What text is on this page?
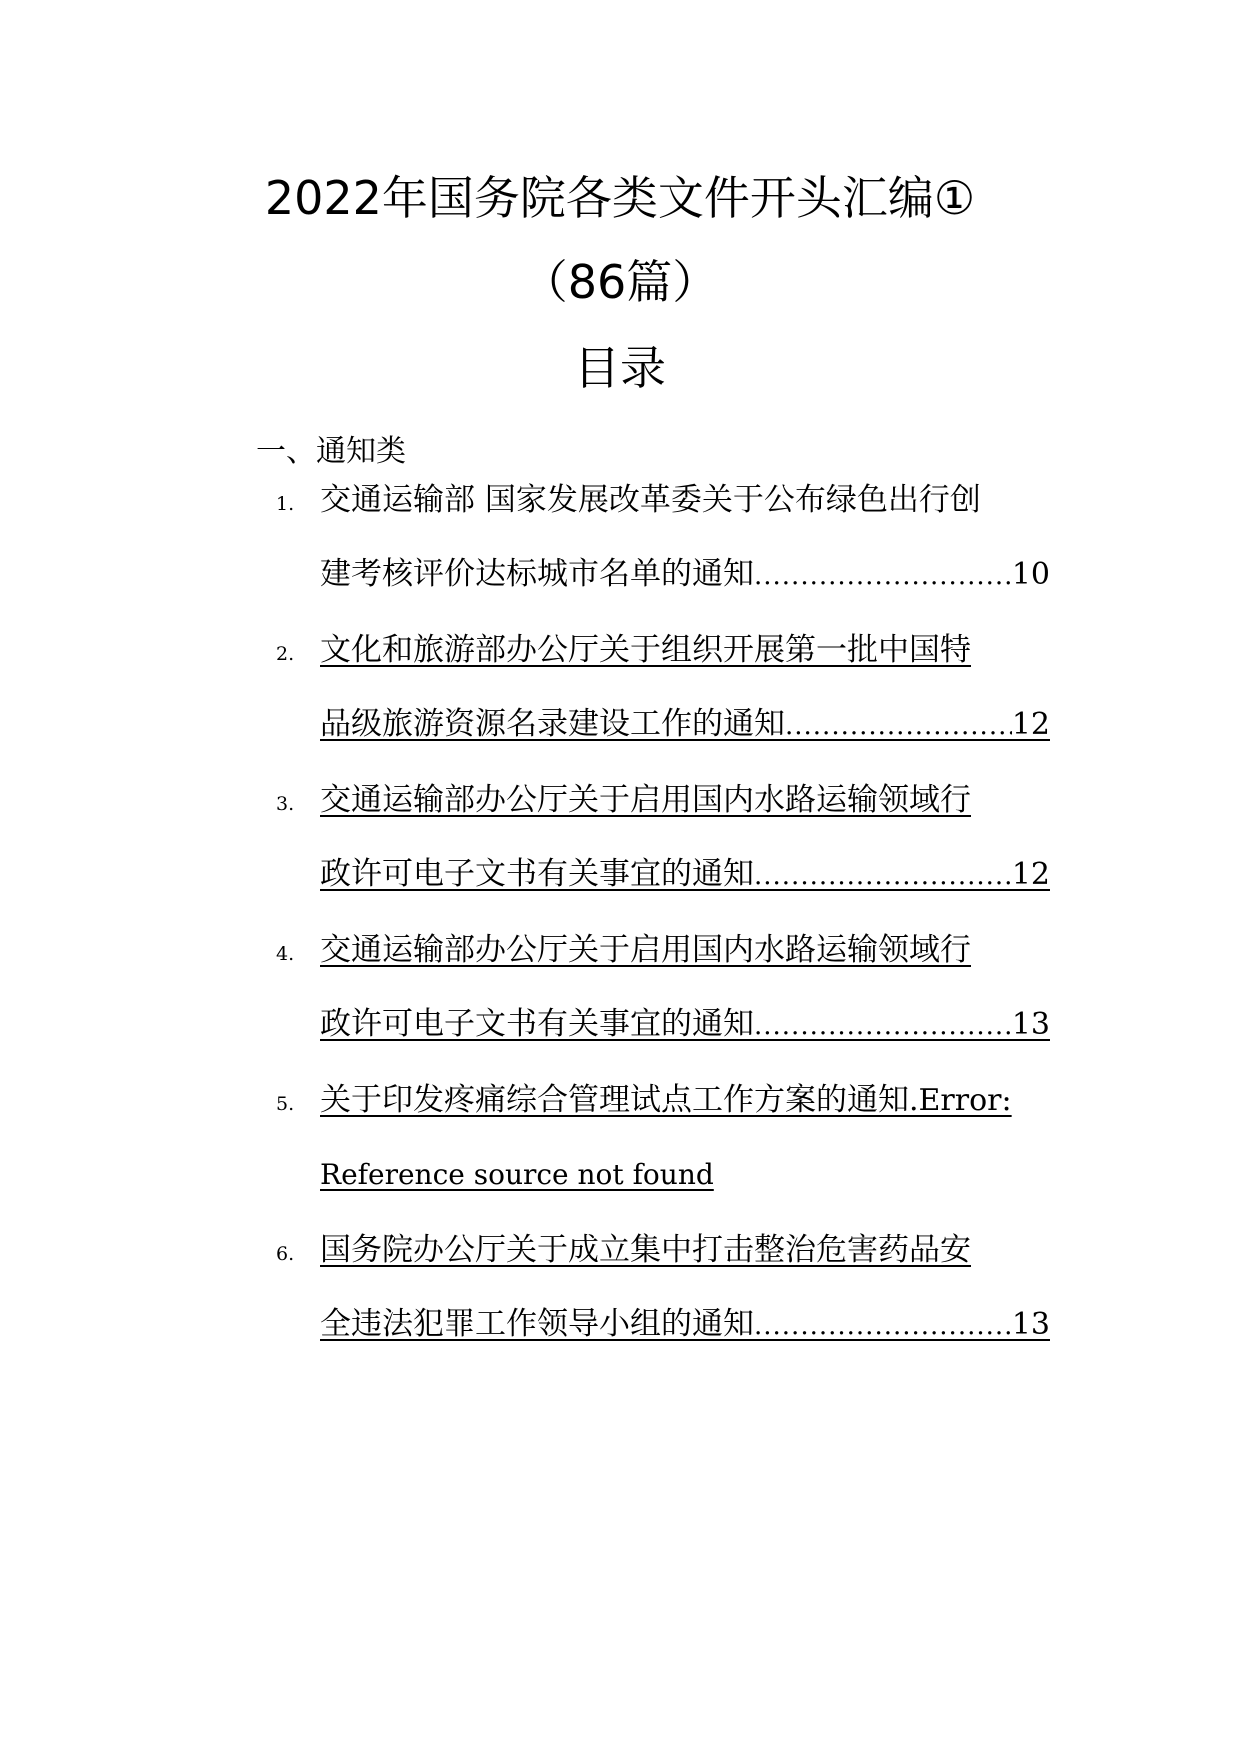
2022年国务院各类文件开头汇编①
（86篇）
目录
一、通知类
1. 交通运输部 国家发展改革委关于公布绿色出行创
建考核评价达标城市名单的通知 .....	10
2. 文化和旅游部办公厅关于组织开展第一批中国特
品级旅游资源名录建设工作的通知 .....	12
3. 交通运输部办公厅关于启用国内水路运输领域行
政许可电子文书有关事宜的通知 .....	12
4. 交通运输部办公厅关于启用国内水路运输领域行
政许可电子文书有关事宜的通知 .....	13
5. 关于印发疼痛综合管理试点工作方案的通知.Error:
Reference source not found
6. 国务院办公厅关于成立集中打击整治危害药品安
全违法犯罪工作领导小组的通知 .....	13
